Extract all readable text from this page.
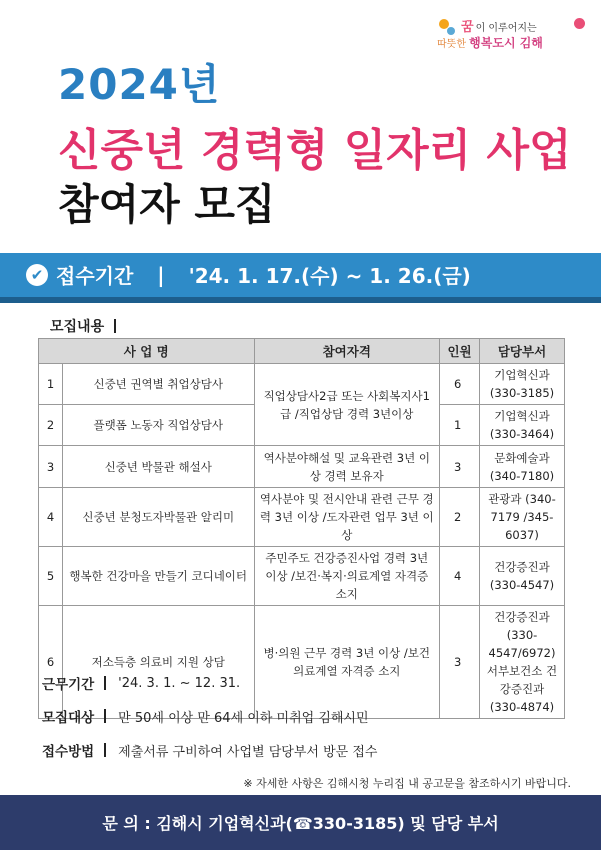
꿈 이 이루어지는
따뜻한 행복도시 김해
2024년
신중년 경력형 일자리 사업
참여자 모집
✔ 접수기간 | '24. 1. 17.(수) ~ 1. 26.(금)
모집내용
사 업 명		참여자격	인원	담당부서
1	신중년 권역별 취업상담사	직업상담사2급 또는 사회복지사1급 /직업상담 경력 3년이상	6	기업혁신과 (330-3185)
2	플랫폼 노동자 직업상담사		1	기업혁신과 (330-3464)
3	신중년 박물관 해설사	역사분야해설 및 교육관련 3년 이상 경력 보유자	3	문화예술과 (340-7180)
4	신중년 분청도자박물관 알리미	역사분야 및 전시안내 관련 근무 경력 3년 이상 /도자관련 업무 3년 이상	2	관광과 (340-7179 /345-6037)
5	행복한 건강마을 만들기 코디네이터	주민주도 건강증진사업 경력 3년 이상 /보건·복지·의료계열 자격증 소지	4	건강증진과 (330-4547)
6	저소득층 의료비 지원 상담	병·의원 근무 경력 3년 이상 /보건의료계열 자격증 소지	3	건강증진과 (330-4547/6972) 서부보건소 건강증진과 (330-4874)
근무기간 '24. 3. 1. ~ 12. 31.
모집대상 만 50세 이상 만 64세 이하 미취업 김해시민
접수방법 제출서류 구비하여 사업별 담당부서 방문 접수
※ 자세한 사항은 김해시청 누리집 내 공고문을 참조하시기 바랍니다.
문 의 : 김해시 기업혁신과(☎330-3185) 및 담당 부서
